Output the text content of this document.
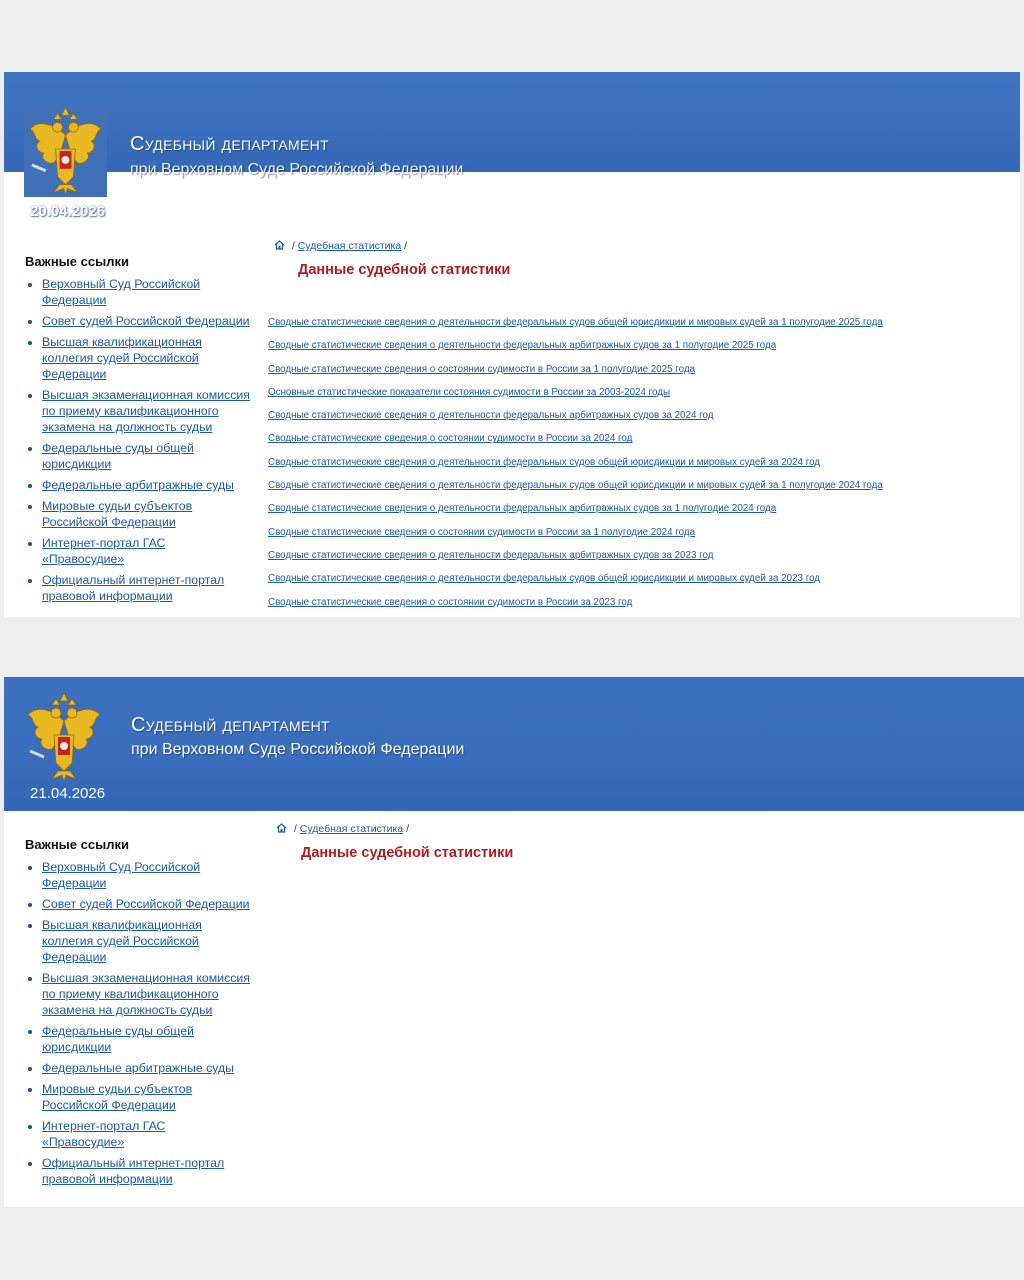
Судебный департамент
при Верховном Суде Российской Федерации
20.04.2026
Важные ссылки
• Верховный Суд Российской Федерации
• Совет судей Российской Федерации
• Высшая квалификационная коллегия судей Российской Федерации
• Высшая экзаменационная комиссия по приему квалификационного экзамена на должность судьи
• Федеральные суды общей юрисдикции
• Федеральные арбитражные суды
• Мировые судьи субъектов Российской Федерации
• Интернет-портал ГАС «Правосудие»
• Официальный интернет-портал правовой информации
/ Судебная статистика /
Данные судебной статистики
Сводные статистические сведения о деятельности федеральных судов общей юрисдикции и мировых судей за 1 полугодие 2025 года
Сводные статистические сведения о деятельности федеральных арбитражных судов за 1 полугодие 2025 года
Сводные статистические сведения о состоянии судимости в России за 1 полугодие 2025 года
Основные статистические показатели состояния судимости в России за 2003-2024 годы
Сводные статистические сведения о деятельности федеральных арбитражных судов за 2024 год
Сводные статистические сведения о состоянии судимости в России за 2024 год
Сводные статистические сведения о деятельности федеральных судов общей юрисдикции и мировых судей за 2024 год
Сводные статистические сведения о деятельности федеральных судов общей юрисдикции и мировых судей за 1 полугодие 2024 года
Сводные статистические сведения о деятельности федеральных арбитражных судов за 1 полугодие 2024 года
Сводные статистические сведения о состоянии судимости в России за 1 полугодие 2024 года
Сводные статистические сведения о деятельности федеральных арбитражных судов за 2023 год
Сводные статистические сведения о деятельности федеральных судов общей юрисдикции и мировых судей за 2023 год
Сводные статистические сведения о состоянии судимости в России за 2023 год
Судебный департамент
при Верховном Суде Российской Федерации
21.04.2026
Важные ссылки
• Верховный Суд Российской Федерации
• Совет судей Российской Федерации
• Высшая квалификационная коллегия судей Российской Федерации
• Высшая экзаменационная комиссия по приему квалификационного экзамена на должность судьи
• Федеральные суды общей юрисдикции
• Федеральные арбитражные суды
• Мировые судьи субъектов Российской Федерации
• Интернет-портал ГАС «Правосудие»
• Официальный интернет-портал правовой информации
/ Судебная статистика /
Данные судебной статистики
